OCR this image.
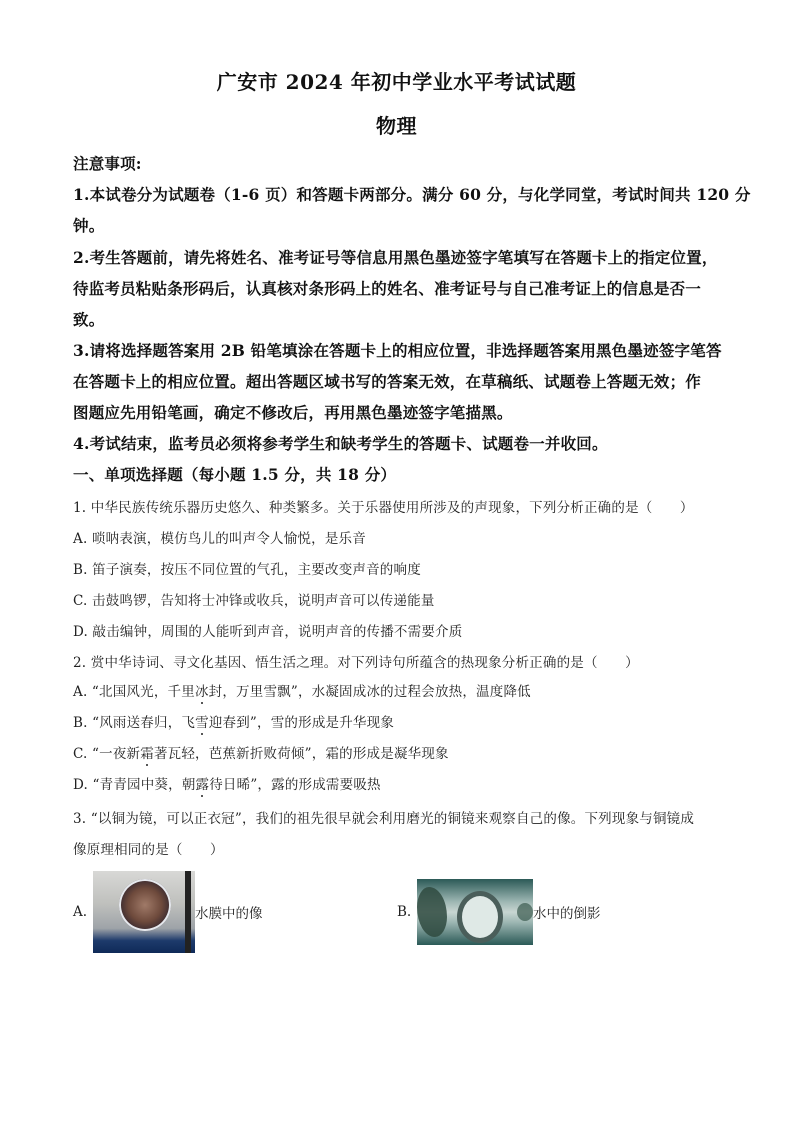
广安市 2024 年初中学业水平考试试题
物理
注意事项:
1.本试卷分为试题卷（1-6 页）和答题卡两部分。满分 60 分，与化学同堂，考试时间共 120 分
钟。
2.考生答题前，请先将姓名、准考证号等信息用黑色墨迹签字笔填写在答题卡上的指定位置，
待监考员粘贴条形码后，认真核对条形码上的姓名、准考证号与自己准考证上的信息是否一
致。
3.请将选择题答案用 2B 铅笔填涂在答题卡上的相应位置，非选择题答案用黑色墨迹签字笔答
在答题卡上的相应位置。超出答题区域书写的答案无效，在草稿纸、试题卷上答题无效；作
图题应先用铅笔画，确定不修改后，再用黑色墨迹签字笔描黑。
4.考试结束，监考员必须将参考学生和缺考学生的答题卡、试题卷一并收回。
一、单项选择题（每小题 1.5 分，共 18 分）
1. 中华民族传统乐器历史悠久、种类繁多。关于乐器使用所涉及的声现象，下列分析正确的是（　　）
A. 唢呐表演，模仿鸟儿的叫声令人愉悦，是乐音
B. 笛子演奏，按压不同位置的气孔，主要改变声音的响度
C. 击鼓鸣锣，告知将士冲锋或收兵，说明声音可以传递能量
D. 敲击编钟，周围的人能听到声音，说明声音的传播不需要介质
2. 赏中华诗词、寻文化基因、悟生活之理。对下列诗句所蕴含的热现象分析正确的是（　　）
A. “北国风光，千里冰封，万里雪飘”，水凝固成冰的过程会放热，温度降低
B. “风雨送春归，飞雪迎春到”，雪的形成是升华现象
C. “一夜新霜著瓦轻，芭蕉新折败荷倾”，霜的形成是凝华现象
D. “青青园中葵，朝露待日晞”，露的形成需要吸热
3. “以铜为镜，可以正衣冠”，我们的祖先很早就会利用磨光的铜镜来观察自己的像。下列现象与铜镜成
像原理相同的是（　　）
A.	水膜中的像	B.	水中的倒影
